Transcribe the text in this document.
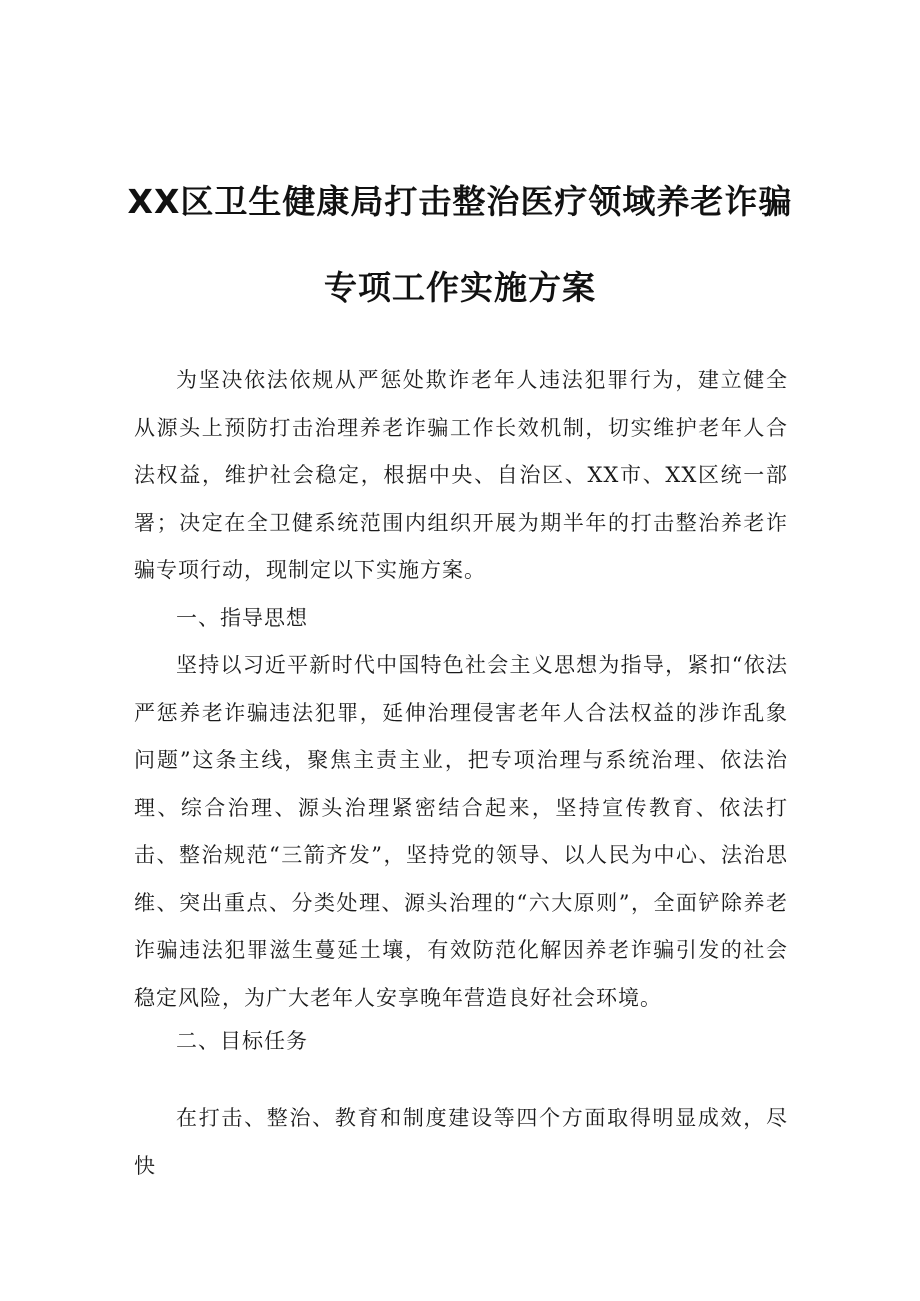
XX区卫生健康局打击整治医疗领域养老诈骗
专项工作实施方案

为坚决依法依规从严惩处欺诈老年人违法犯罪行为，建立健全从源头上预防打击治理养老诈骗工作长效机制，切实维护老年人合法权益，维护社会稳定，根据中央、自治区、XX市、XX区统一部署；决定在全卫健系统范围内组织开展为期半年的打击整治养老诈骗专项行动，现制定以下实施方案。

一、指导思想

坚持以习近平新时代中国特色社会主义思想为指导，紧扣“依法严惩养老诈骗违法犯罪，延伸治理侵害老年人合法权益的涉诈乱象问题”这条主线，聚焦主责主业，把专项治理与系统治理、依法治理、综合治理、源头治理紧密结合起来，坚持宣传教育、依法打击、整治规范“三箭齐发”，坚持党的领导、以人民为中心、法治思维、突出重点、分类处理、源头治理的“六大原则”，全面铲除养老诈骗违法犯罪滋生蔓延土壤，有效防范化解因养老诈骗引发的社会稳定风险，为广大老年人安享晚年营造良好社会环境。

二、目标任务

在打击、整治、教育和制度建设等四个方面取得明显成效，尽快
